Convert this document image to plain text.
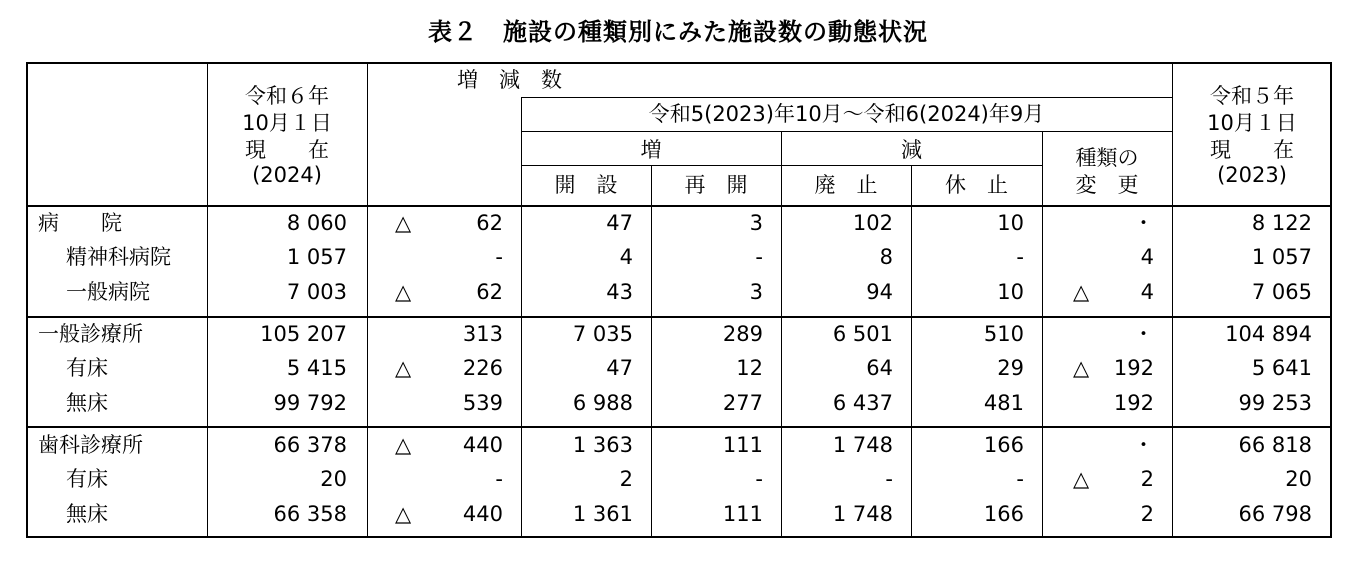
表２　施設の種類別にみた施設数の動態状況
令和６年	令和５年
10月１日	10月１日
現　　在	現　　在
(2024)	(2023)
増　減　数
令和5(2023)年10月～令和6(2024)年9月
増	減	種類の
変　更
開　設	再　開	廃　止	休　止
病　　院	8 060 △	62	47	3	102	10	・	8 122
精神科病院	1 057	-	4	-	8	-	4	1 057
一般病院	7 003 △	62	43	3	94	10 △	4	7 065
一般診療所	105 207	313	7 035	289	6 501	510	・	104 894
有床	5 415 △	226	47	12	64	29 △	192	5 641
無床	99 792	539	6 988	277	6 437	481	192	99 253
歯科診療所	66 378 △	440	1 363	111	1 748	166	・	66 818
有床	20	-	2	-	-	- △	2	20
無床	66 358 △	440	1 361	111	1 748	166	2	66 798
